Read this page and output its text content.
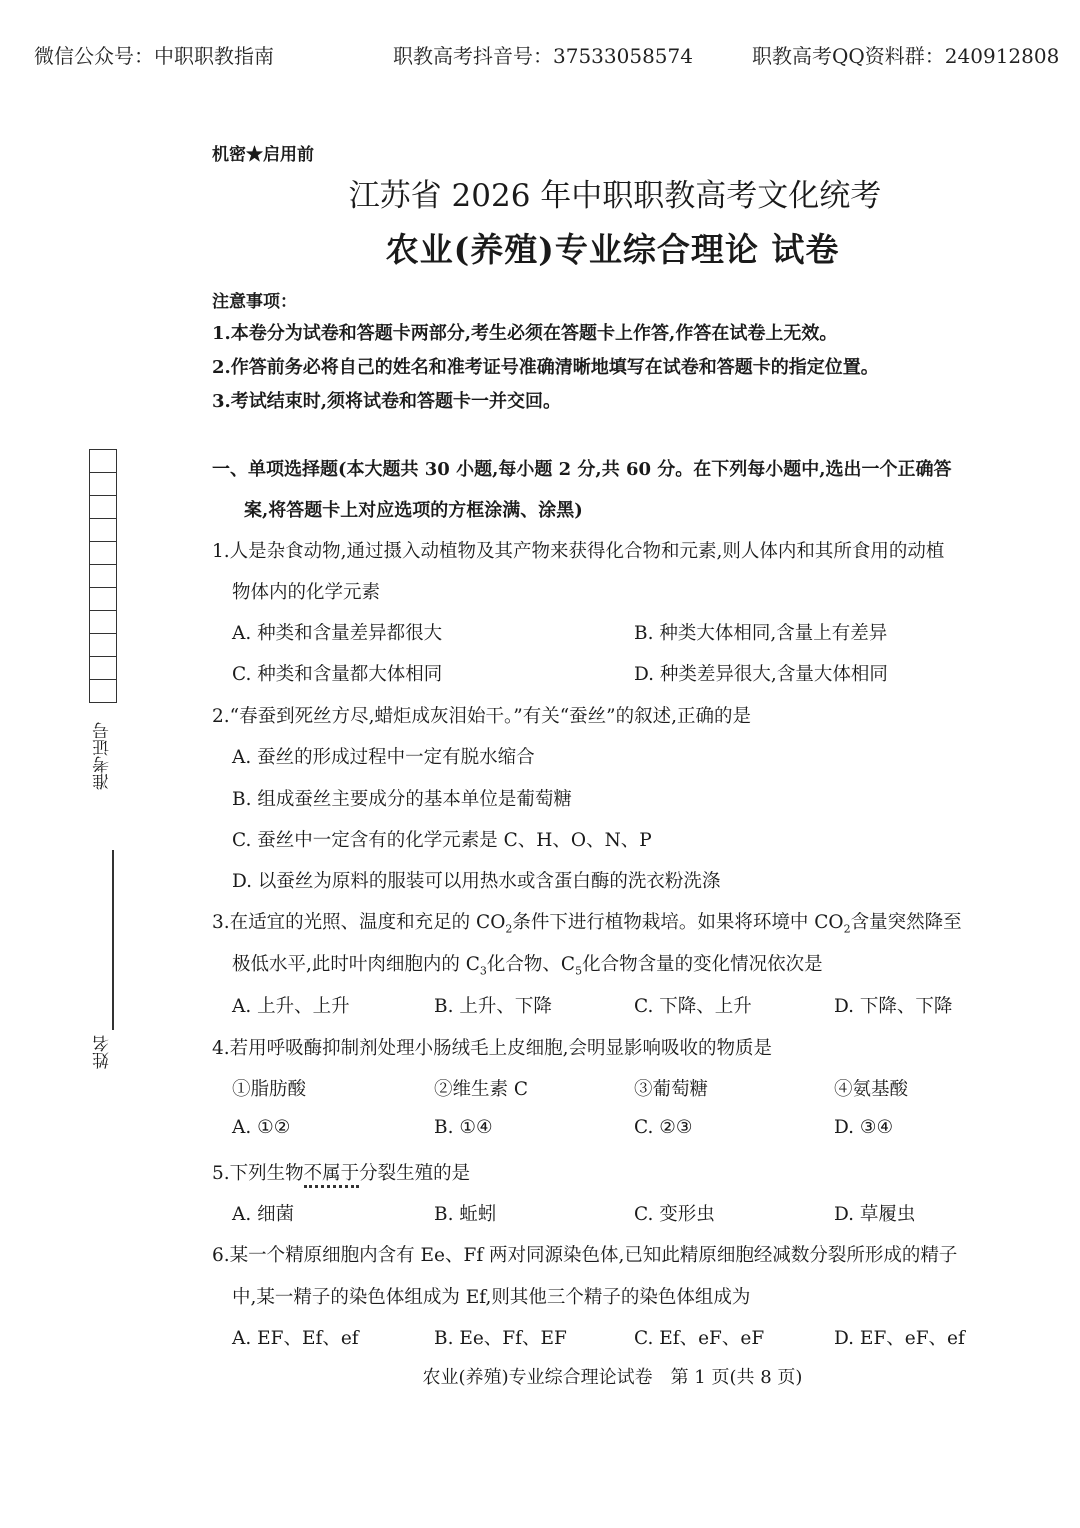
微信公众号：中职职教指南	职教高考抖音号：37533058574	职教高考QQ资料群：240912808
机密★启用前
江苏省 2026 年中职职教高考文化统考
农业(养殖)专业综合理论 试卷
注意事项：
1.本卷分为试卷和答题卡两部分,考生必须在答题卡上作答,作答在试卷上无效。
2.作答前务必将自己的姓名和准考证号准确清晰地填写在试卷和答题卡的指定位置。
3.考试结束时,须将试卷和答题卡一并交回。
准考证号
姓名
一、单项选择题(本大题共 30 小题,每小题 2 分,共 60 分。在下列每小题中,选出一个正确答
案,将答题卡上对应选项的方框涂满、涂黑)
1.人是杂食动物,通过摄入动植物及其产物来获得化合物和元素,则人体内和其所食用的动植
物体内的化学元素
A. 种类和含量差异都很大	B. 种类大体相同,含量上有差异
C. 种类和含量都大体相同	D. 种类差异很大,含量大体相同
2.“春蚕到死丝方尽,蜡炬成灰泪始干。”有关“蚕丝”的叙述,正确的是
A. 蚕丝的形成过程中一定有脱水缩合
B. 组成蚕丝主要成分的基本单位是葡萄糖
C. 蚕丝中一定含有的化学元素是 C、H、O、N、P
D. 以蚕丝为原料的服装可以用热水或含蛋白酶的洗衣粉洗涤
3.在适宜的光照、温度和充足的 $CO_2$条件下进行植物栽培。如果将环境中 $CO_2$含量突然降至
极低水平,此时叶肉细胞内的 $C_3$化合物、$C_5$化合物含量的变化情况依次是
A. 上升、上升	B. 上升、下降	C. 下降、上升	D. 下降、下降
4.若用呼吸酶抑制剂处理小肠绒毛上皮细胞,会明显影响吸收的物质是
①脂肪酸	②维生素 C	③葡萄糖	④氨基酸
A. ①②	B. ①④	C. ②③	D. ③④
5.下列生物不属于分裂生殖的是
A. 细菌	B. 蚯蚓	C. 变形虫	D. 草履虫
6.某一个精原细胞内含有 Ee、Ff 两对同源染色体,已知此精原细胞经减数分裂所形成的精子
中,某一精子的染色体组成为 Ef,则其他三个精子的染色体组成为
A. EF、Ef、ef	B. Ee、Ff、EF	C. Ef、eF、eF	D. EF、eF、ef
农业(养殖)专业综合理论试卷　第 1 页(共 8 页)
